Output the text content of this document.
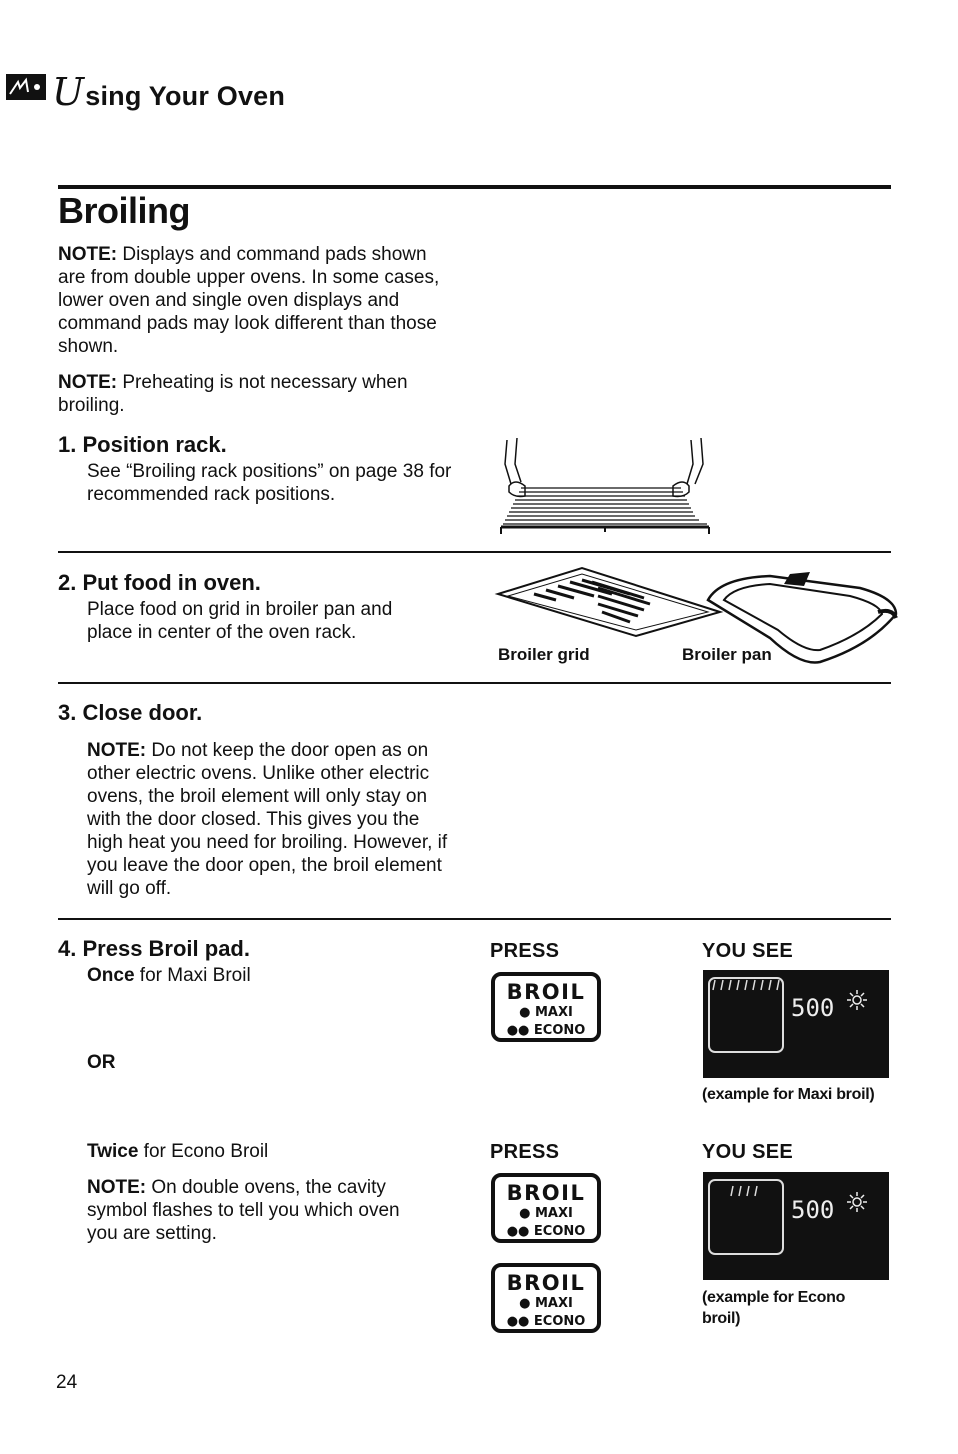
Using Your Oven
Broiling
NOTE: Displays and command pads shown are from double upper ovens. In some cases, lower oven and single oven displays and command pads may look different than those shown.
NOTE: Preheating is not necessary when broiling.
1. Position rack.
See “Broiling rack positions” on page 38 for recommended rack positions.
2. Put food in oven.
Place food on grid in broiler pan and place in center of the oven rack.
Broiler grid	Broiler pan
3. Close door.
NOTE: Do not keep the door open as on other electric ovens. Unlike other electric ovens, the broil element will only stay on with the door closed. This gives you the high heat you need for broiling. However, if you leave the door open, the broil element will go off.
4. Press Broil pad.
Once for Maxi Broil
OR
Twice for Econo Broil
NOTE: On double ovens, the cavity symbol flashes to tell you which oven you are setting.
PRESS
BROIL
● MAXI
●● ECONO
PRESS
BROIL
● MAXI
●● ECONO
BROIL
● MAXI
●● ECONO
YOU SEE
500
(example for Maxi broil)
YOU SEE
500
(example for Econo broil)
24
